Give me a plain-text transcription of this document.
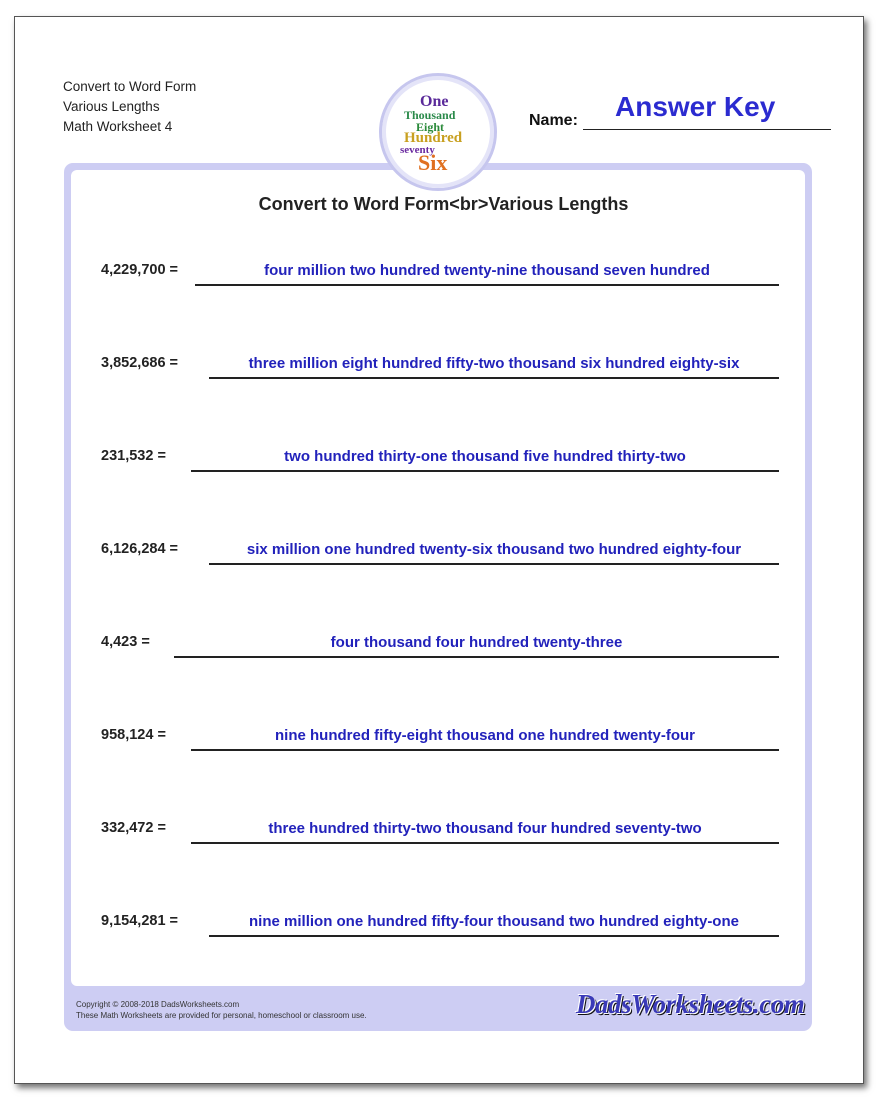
Convert to Word Form
Various Lengths
Math Worksheet 4
One
Thousand
Eight
Hundred
seventy
Six
Answer Key
Name:
Convert to Word Form<br>Various Lengths
4,229,700 =	four million two hundred twenty-nine thousand seven hundred
3,852,686 =	three million eight hundred fifty-two thousand six hundred eighty-six
231,532 =	two hundred thirty-one thousand five hundred thirty-two
6,126,284 =	six million one hundred twenty-six thousand two hundred eighty-four
4,423 =	four thousand four hundred twenty-three
958,124 =	nine hundred fifty-eight thousand one hundred twenty-four
332,472 =	three hundred thirty-two thousand four hundred seventy-two
9,154,281 =	nine million one hundred fifty-four thousand two hundred eighty-one
Copyright © 2008-2018 DadsWorksheets.com
These Math Worksheets are provided for personal, homeschool or classroom use.	DadsWorksheets.com
